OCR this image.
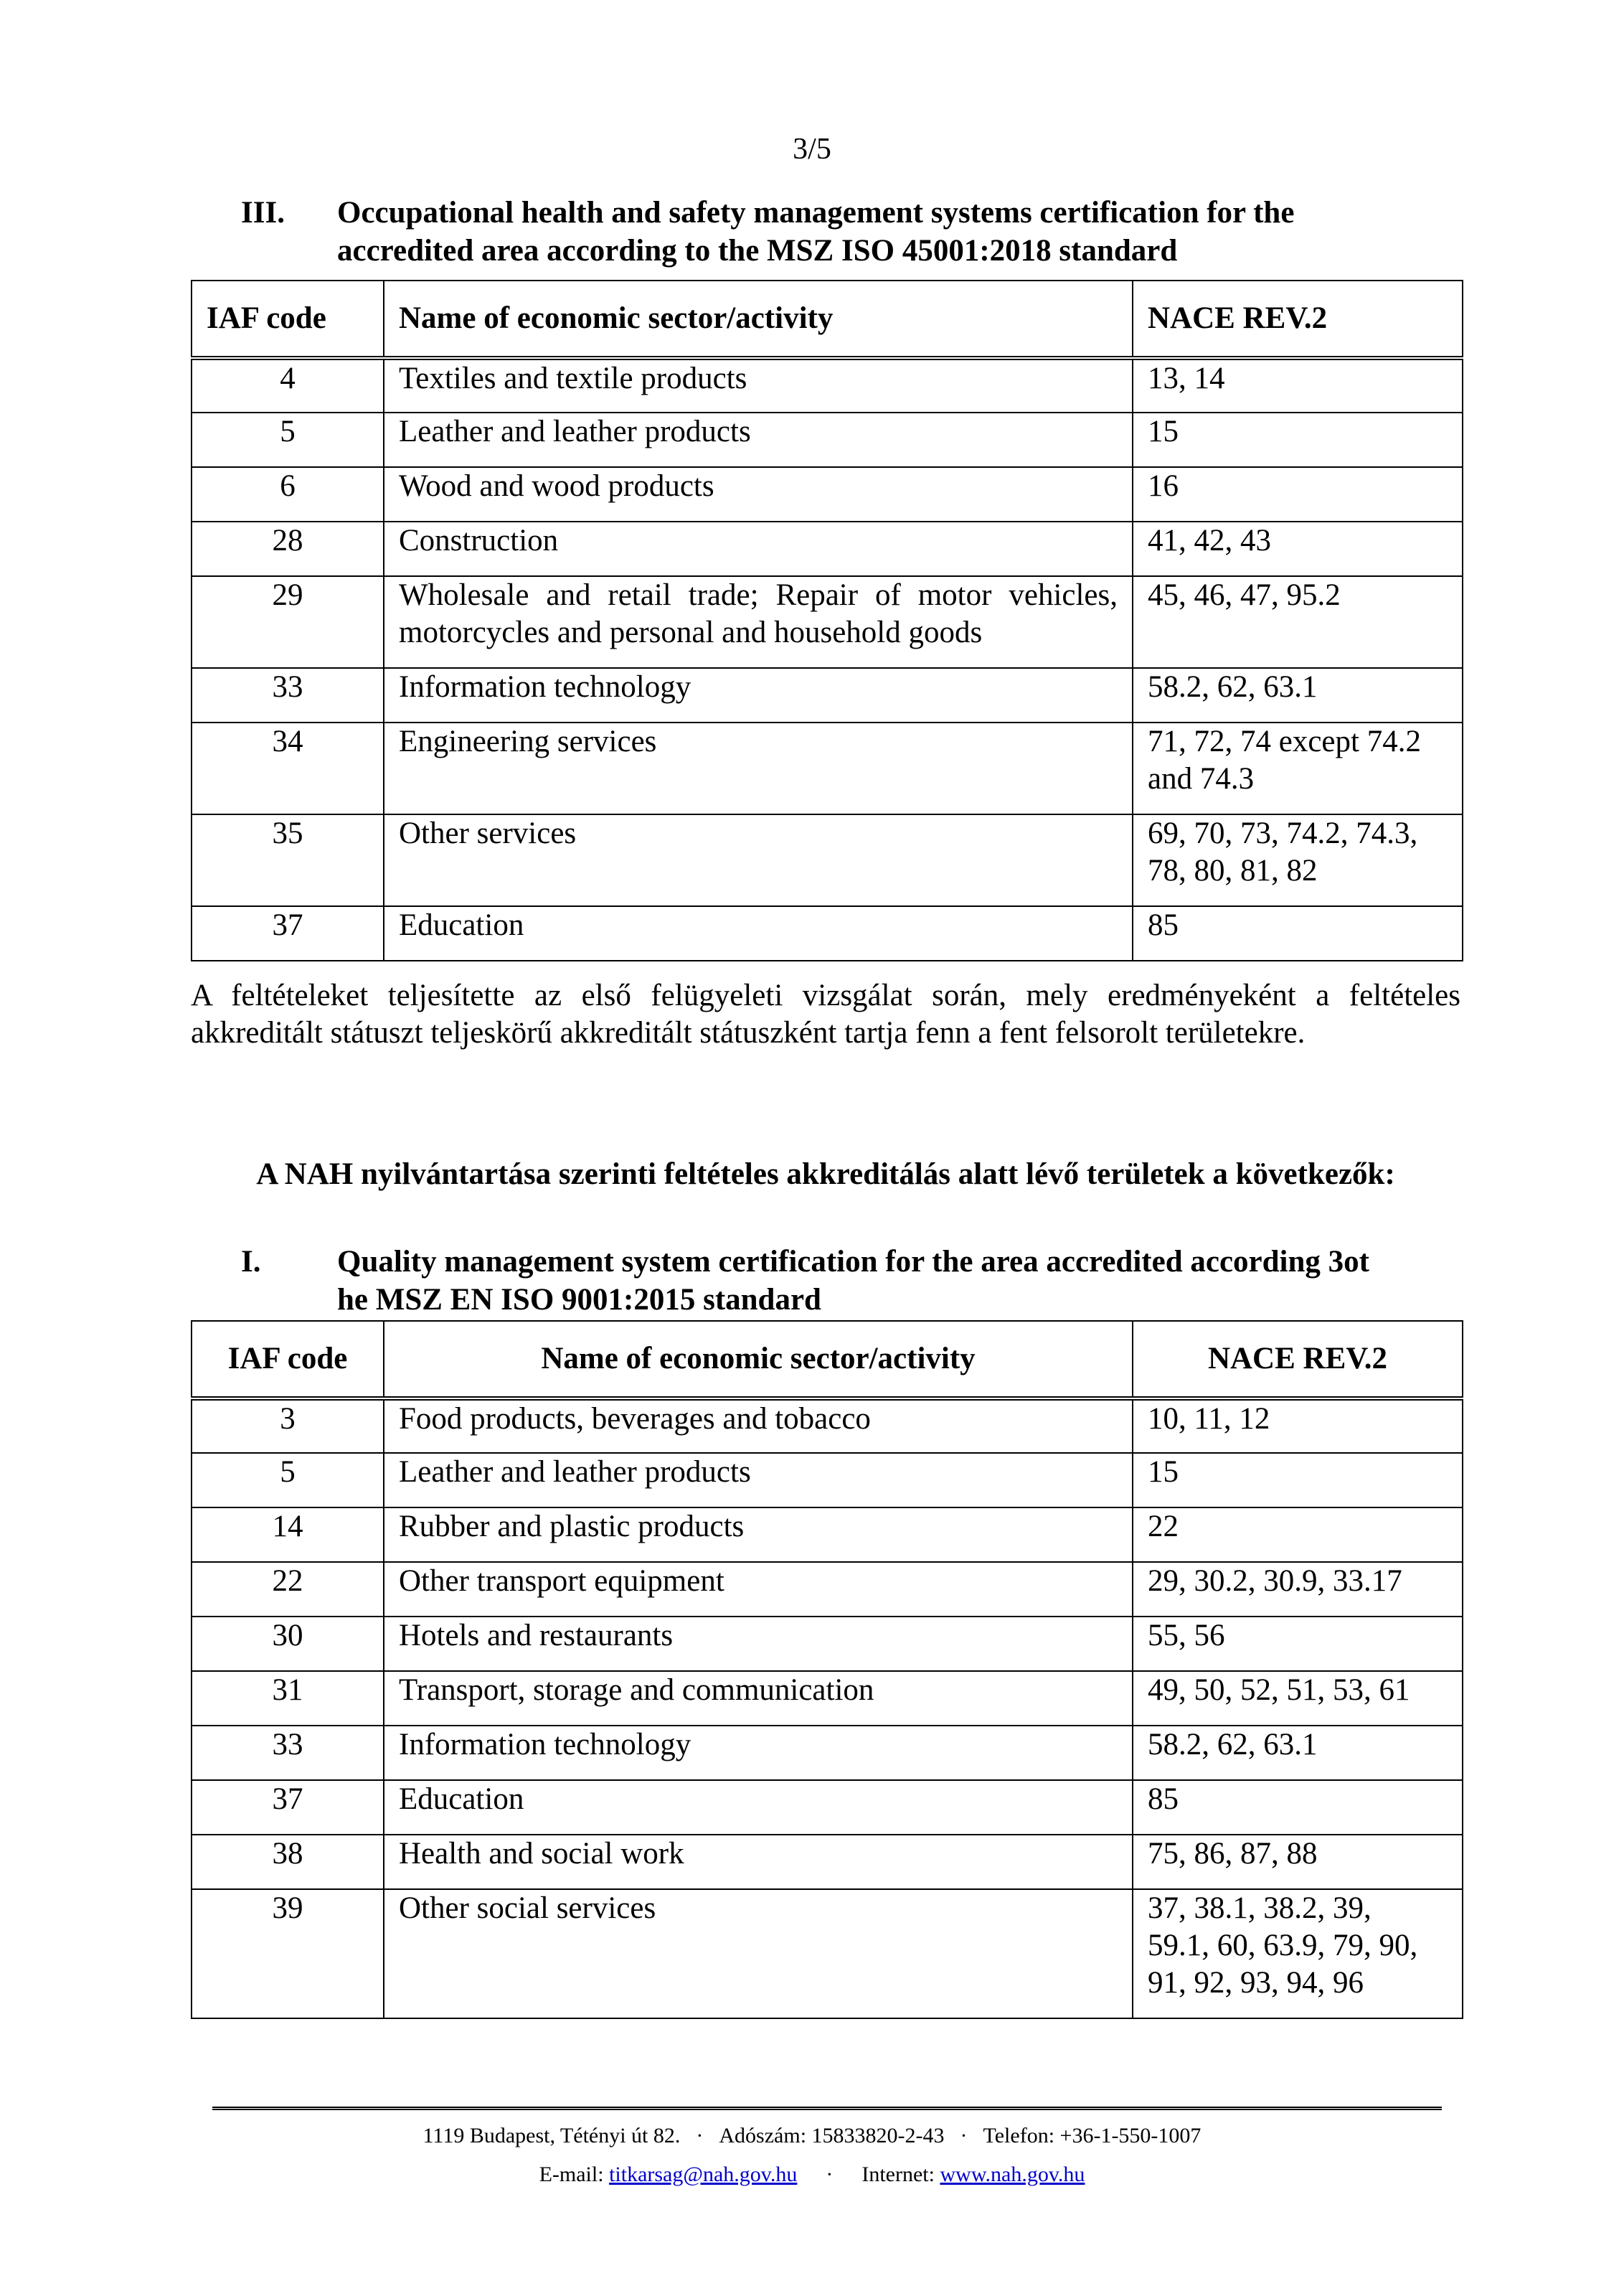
3/5
III. Occupational health and safety management systems certification for the
accredited area according to the MSZ ISO 45001:2018 standard
IAF code	Name of economic sector/activity	NACE REV.2
4	Textiles and textile products	13, 14

5	Leather and leather products	15

6	Wood and wood products	16

28	Construction	41, 42, 43

29	Wholesale and retail trade; Repair of motor vehicles,
motorcycles and personal and household goods	45, 46, 47, 95.2

33	Information technology	58.2, 62, 63.1

34	Engineering services	71, 72, 74 except 74.2
and 74.3

35	Other services	69, 70, 73, 74.2, 74.3,
78, 80, 81, 82

37	Education	85
A feltételeket teljesítette az első felügyeleti vizsgálat során, mely eredményeként a feltételes
akkreditált státuszt teljeskörű akkreditált státuszként tartja fenn a fent felsorolt területekre.
A NAH nyilvántartása szerinti feltételes akkreditálás alatt lévő területek a következők:
I. Quality management system certification for the area accredited according 3ot
he MSZ EN ISO 9001:2015 standard
IAF code	Name of economic sector/activity	NACE REV.2
3	Food products, beverages and tobacco	10, 11, 12

5	Leather and leather products	15

14	Rubber and plastic products	22

22	Other transport equipment	29, 30.2, 30.9, 33.17

30	Hotels and restaurants	55, 56

31	Transport, storage and communication	49, 50, 52, 51, 53, 61

33	Information technology	58.2, 62, 63.1

37	Education	85

38	Health and social work	75, 86, 87, 88

39	Other social services	37, 38.1, 38.2, 39,
59.1, 60, 63.9, 79, 90,
91, 92, 93, 94, 96
1119 Budapest, Tétényi út 82. · Adószám: 15833820-2-43 · Telefon: +36-1-550-1007
E-mail: titkarsag@nah.gov.hu · Internet: www.nah.gov.hu
